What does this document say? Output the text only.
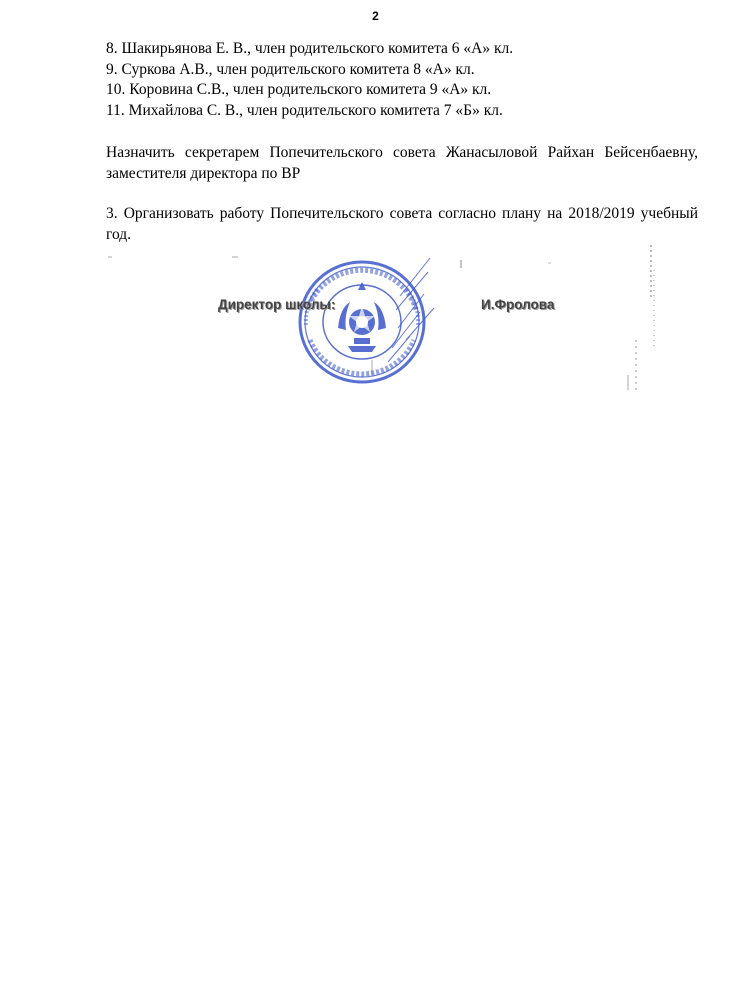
2
8. Шакирьянова Е. В., член родительского комитета 6 «А» кл.
9. Суркова А.В., член родительского комитета 8 «А» кл.
10. Коровина С.В., член родительского комитета 9 «А» кл.
11. Михайлова С. В., член родительского комитета 7 «Б» кл.
Назначить секретарем Попечительского совета Жанасыловой Райхан Бейсенбаевну, заместителя директора по ВР
3. Организовать работу Попечительского совета согласно плану на 2018/2019 учебный год.
Директор школы:	И.Фролова
